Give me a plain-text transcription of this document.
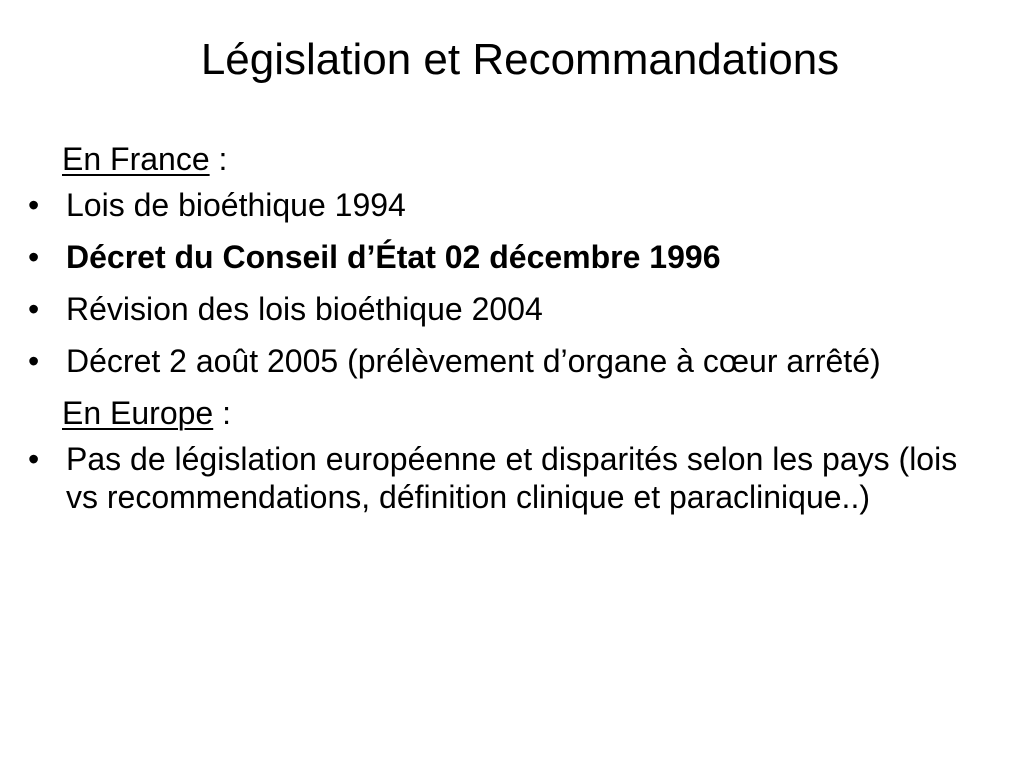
Législation et Recommandations
En France :
• Lois de bioéthique 1994
• Décret du Conseil d’État 02 décembre 1996
• Révision des lois bioéthique 2004
• Décret 2 août 2005 (prélèvement d’organe à cœur arrêté)
En Europe :
• Pas de législation européenne et disparités selon les pays (lois vs recommendations, définition clinique et paraclinique..)
